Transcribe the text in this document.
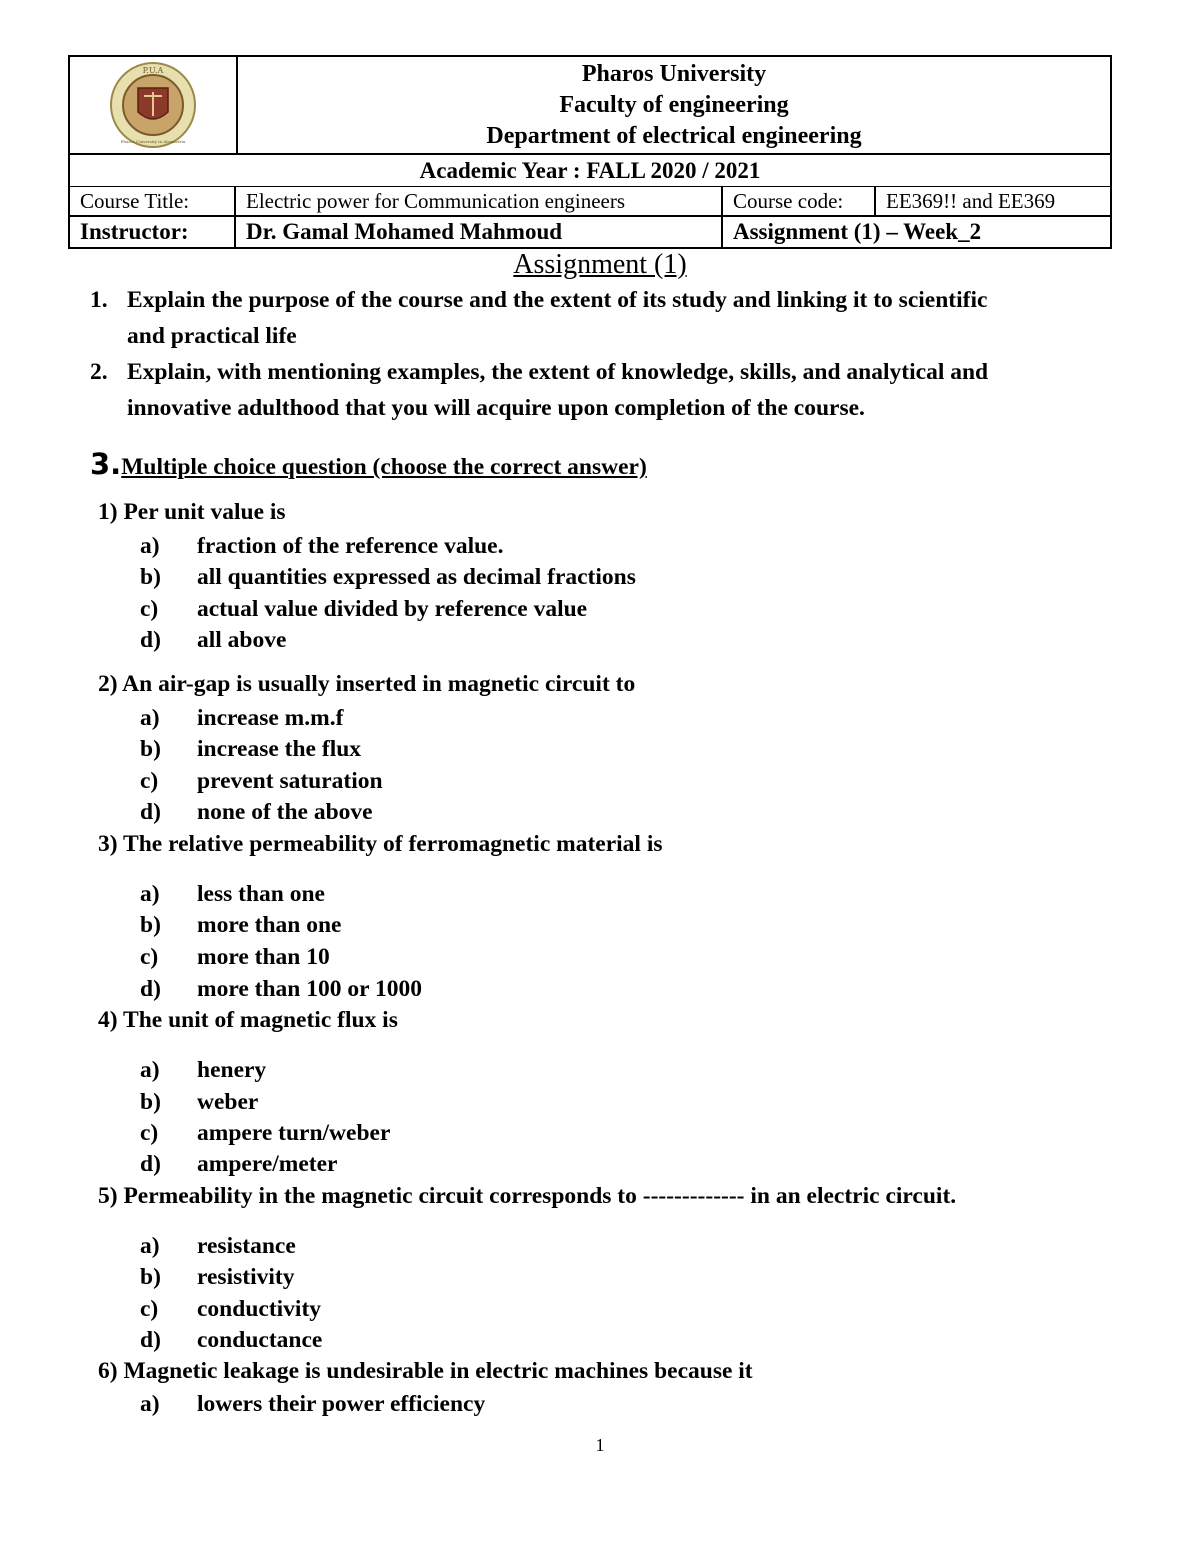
P.U.A
Pharos University in Alexandria
Pharos University
Faculty of engineering
Department of electrical engineering
Academic Year : FALL 2020 / 2021
Course Title:	Electric power for Communication engineers	Course code:	EE369!! and EE369
Instructor:	Dr. Gamal Mohamed Mahmoud	Assignment (1) – Week_2
Assignment (1)
1. Explain the purpose of the course and the extent of its study and linking it to scientific
and practical life
2. Explain, with mentioning examples, the extent of knowledge, skills, and analytical and
innovative adulthood that you will acquire upon completion of the course.
3.Multiple choice question (choose the correct answer)
1) Per unit value is
a) fraction of the reference value.
b) all quantities expressed as decimal fractions
c) actual value divided by reference value
d) all above
2) An air-gap is usually inserted in magnetic circuit to
a) increase m.m.f
b) increase the flux
c) prevent saturation
d) none of the above
3) The relative permeability of ferromagnetic material is
a) less than one
b) more than one
c) more than 10
d) more than 100 or 1000
4) The unit of magnetic flux is
a) henery
b) weber
c) ampere turn/weber
d) ampere/meter
5) Permeability in the magnetic circuit corresponds to ------------- in an electric circuit.
a) resistance
b) resistivity
c) conductivity
d) conductance
6) Magnetic leakage is undesirable in electric machines because it
a) lowers their power efficiency
1
